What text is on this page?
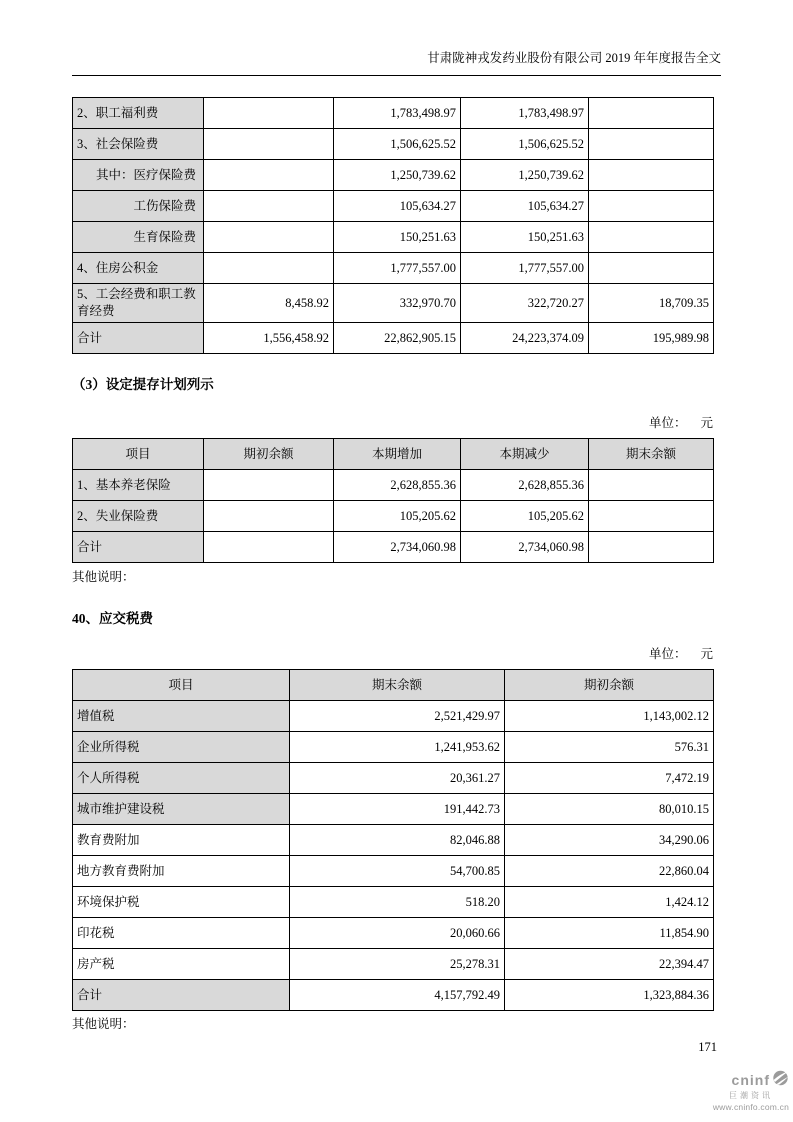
甘肃陇神戎发药业股份有限公司 2019 年年度报告全文
2、职工福利费		1,783,498.97	1,783,498.97	
3、社会保险费		1,506,625.52	1,506,625.52	
其中：医疗保险费		1,250,739.62	1,250,739.62	
工伤保险费		105,634.27	105,634.27	
生育保险费		150,251.63	150,251.63	
4、住房公积金		1,777,557.00	1,777,557.00	
5、工会经费和职工教育经费	8,458.92	332,970.70	322,720.27	18,709.35
合计	1,556,458.92	22,862,905.15	24,223,374.09	195,989.98
（3）设定提存计划列示
单位： 元
项目	期初余额	本期增加	本期减少	期末余额
1、基本养老保险		2,628,855.36	2,628,855.36	
2、失业保险费		105,205.62	105,205.62	
合计		2,734,060.98	2,734,060.98	
其他说明：
40、应交税费
单位： 元
项目	期末余额	期初余额
增值税	2,521,429.97	1,143,002.12
企业所得税	1,241,953.62	576.31
个人所得税	20,361.27	7,472.19
城市维护建设税	191,442.73	80,010.15
教育费附加	82,046.88	34,290.06
地方教育费附加	54,700.85	22,860.04
环境保护税	518.20	1,424.12
印花税	20,060.66	11,854.90
房产税	25,278.31	22,394.47
合计	4,157,792.49	1,323,884.36
其他说明：
171
cninf
巨潮资讯
www.cninfo.com.cn
